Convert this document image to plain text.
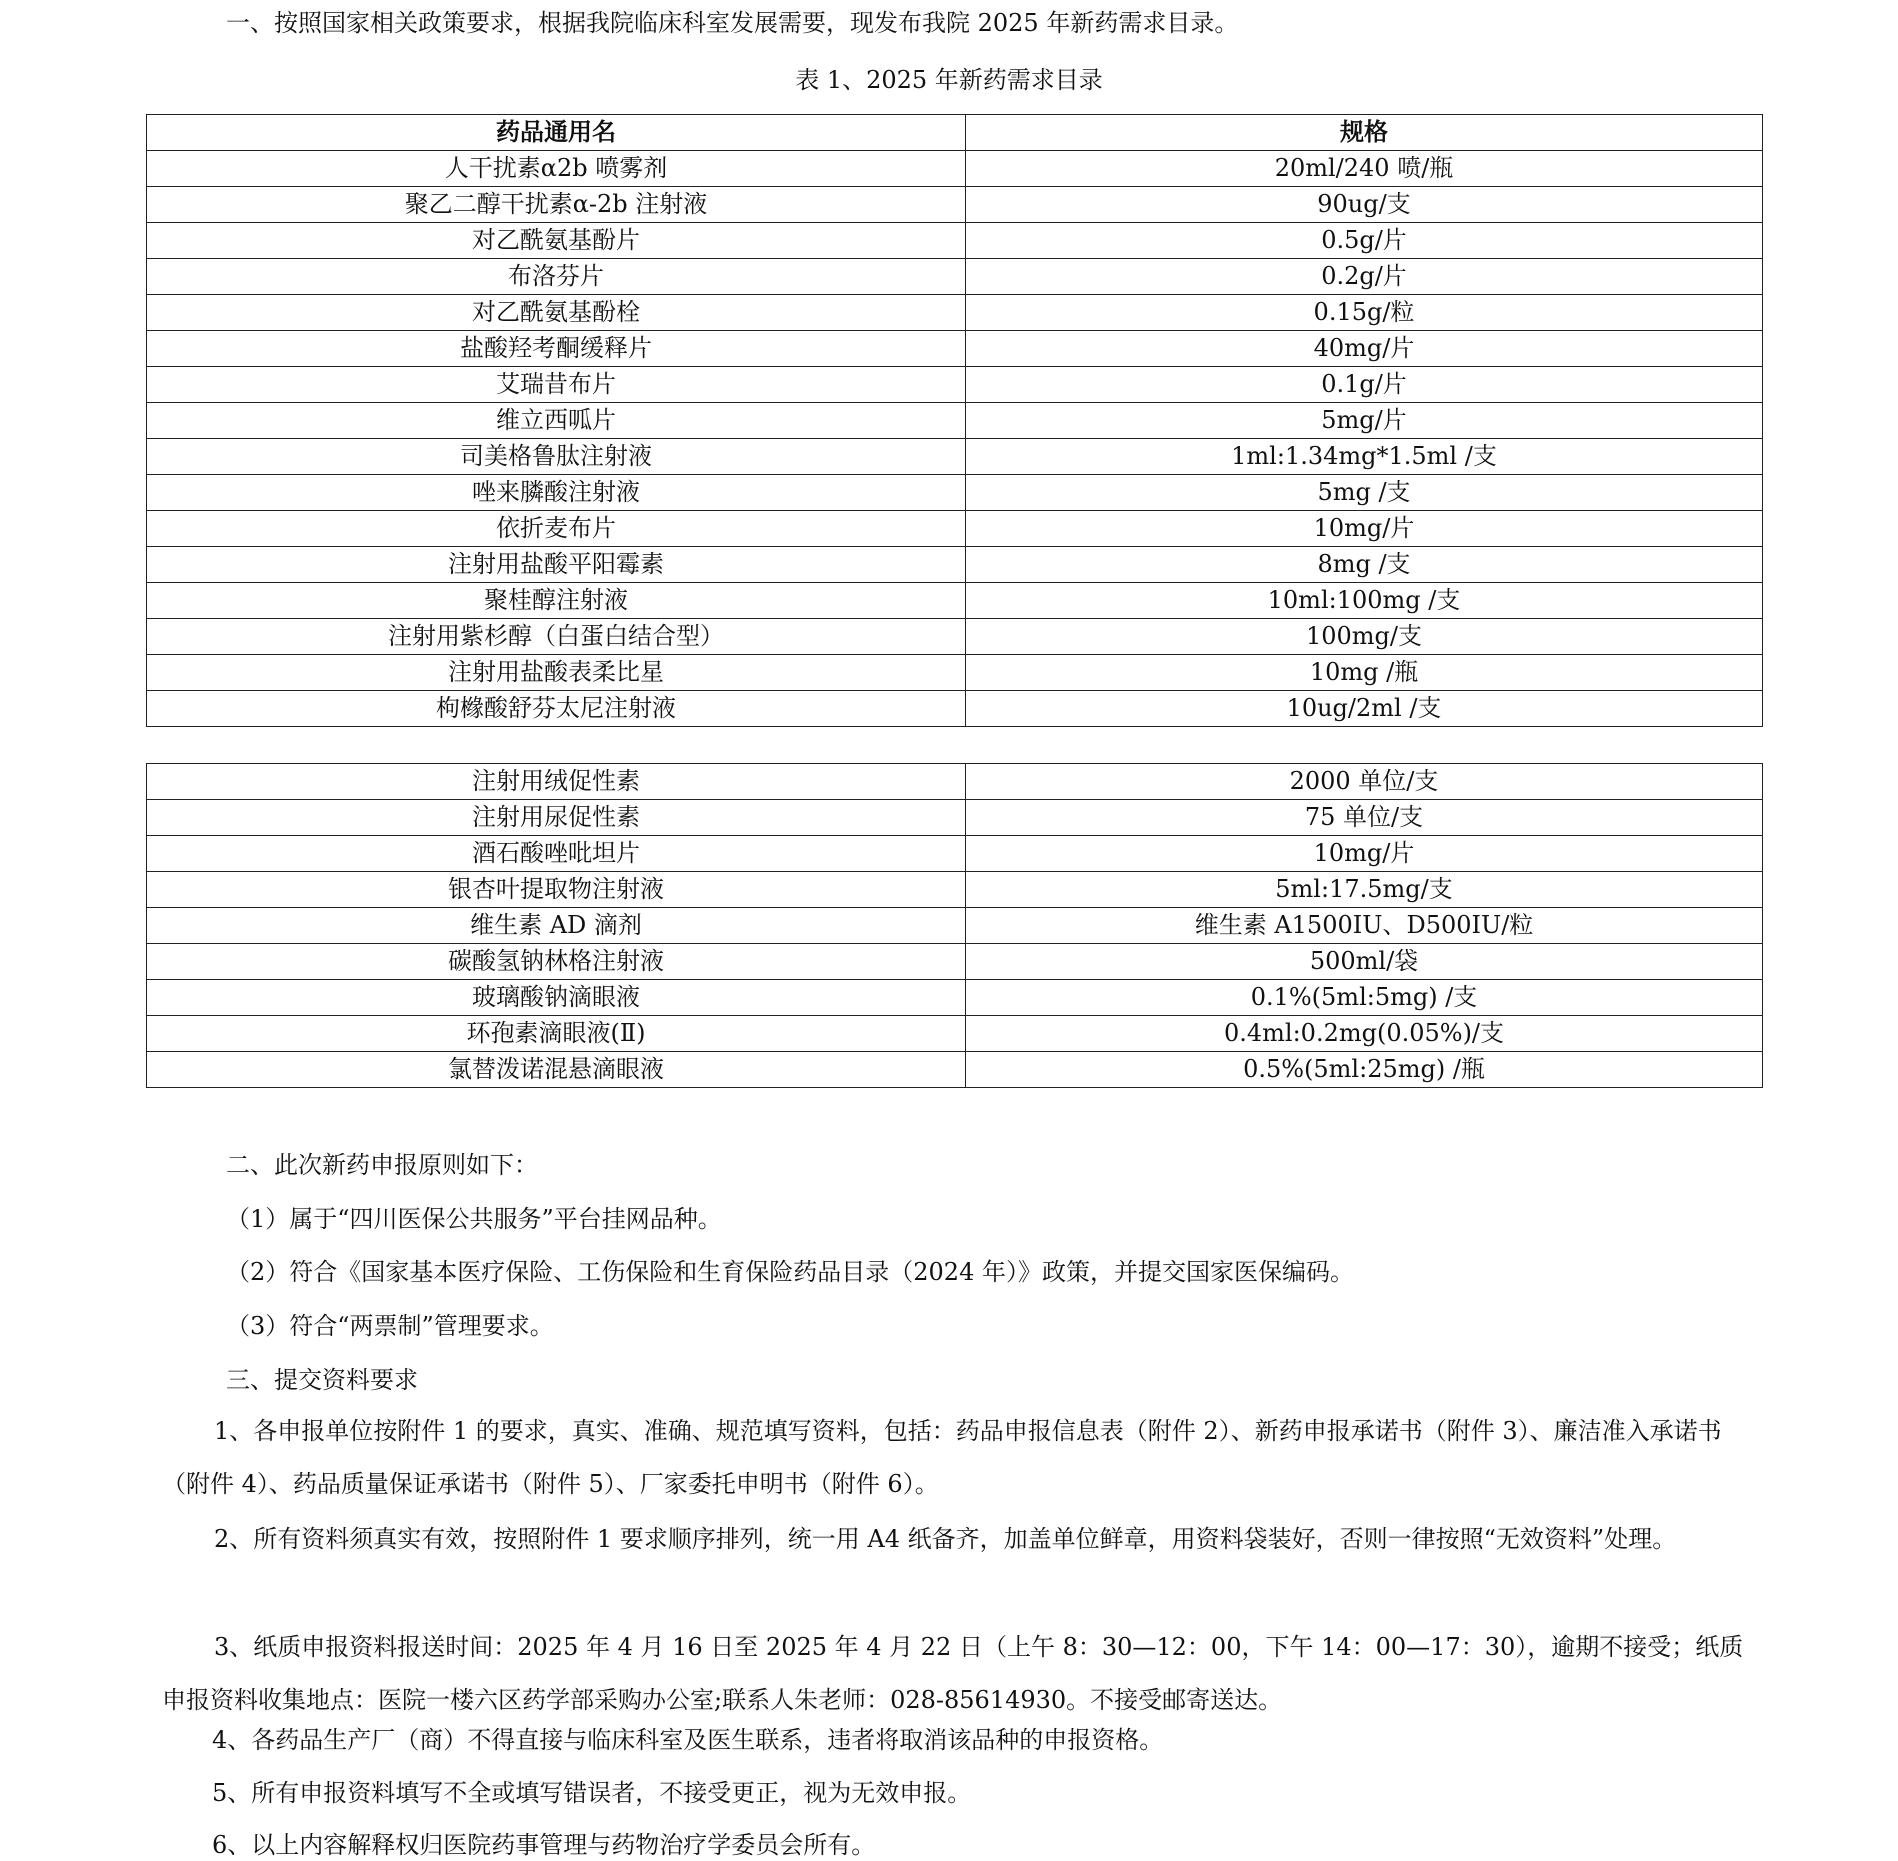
一、按照国家相关政策要求，根据我院临床科室发展需要，现发布我院 2025 年新药需求目录。

表 1、2025 年新药需求目录
药品通用名	规格
人干扰素α2b 喷雾剂	20ml/240 喷/瓶
聚乙二醇干扰素α-2b 注射液	90ug/支
对乙酰氨基酚片	0.5g/片
布洛芬片	0.2g/片
对乙酰氨基酚栓	0.15g/粒
盐酸羟考酮缓释片	40mg/片
艾瑞昔布片	0.1g/片
维立西呱片	5mg/片
司美格鲁肽注射液	1ml:1.34mg*1.5ml /支
唑来膦酸注射液	5mg /支
依折麦布片	10mg/片
注射用盐酸平阳霉素	8mg /支
聚桂醇注射液	10ml:100mg /支
注射用紫杉醇（白蛋白结合型）	100mg/支
注射用盐酸表柔比星	10mg /瓶
枸橼酸舒芬太尼注射液	10ug/2ml /支
注射用绒促性素	2000 单位/支
注射用尿促性素	75 单位/支
酒石酸唑吡坦片	10mg/片
银杏叶提取物注射液	5ml:17.5mg/支
维生素 AD 滴剂	维生素 A1500IU、D500IU/粒
碳酸氢钠林格注射液	500ml/袋
玻璃酸钠滴眼液	0.1%(5ml:5mg) /支
环孢素滴眼液(Ⅱ)	0.4ml:0.2mg(0.05%)/支
氯替泼诺混悬滴眼液	0.5%(5ml:25mg) /瓶

二、此次新药申报原则如下：

（1）属于“四川医保公共服务”平台挂网品种。

（2）符合《国家基本医疗保险、工伤保险和生育保险药品目录（2024 年）》政策，并提交国家医保编码。

（3）符合“两票制”管理要求。

三、提交资料要求

1、各申报单位按附件 1 的要求，真实、准确、规范填写资料，包括：药品申报信息表（附件 2）、新药申报承诺书（附件 3）、廉洁准入承诺书（附件 4）、药品质量保证承诺书（附件 5）、厂家委托申明书（附件 6）。

2、所有资料须真实有效，按照附件 1 要求顺序排列，统一用 A4 纸备齐，加盖单位鲜章，用资料袋装好，否则一律按照“无效资料”处理。

3、纸质申报资料报送时间：2025 年 4 月 16 日至 2025 年 4 月 22 日（上午 8：30—12：00，下午 14：00—17：30），逾期不接受；纸质申报资料收集地点：医院一楼六区药学部采购办公室;联系人朱老师：028-85614930。不接受邮寄送达。

4、各药品生产厂（商）不得直接与临床科室及医生联系，违者将取消该品种的申报资格。

5、所有申报资料填写不全或填写错误者，不接受更正，视为无效申报。

6、以上内容解释权归医院药事管理与药物治疗学委员会所有。
